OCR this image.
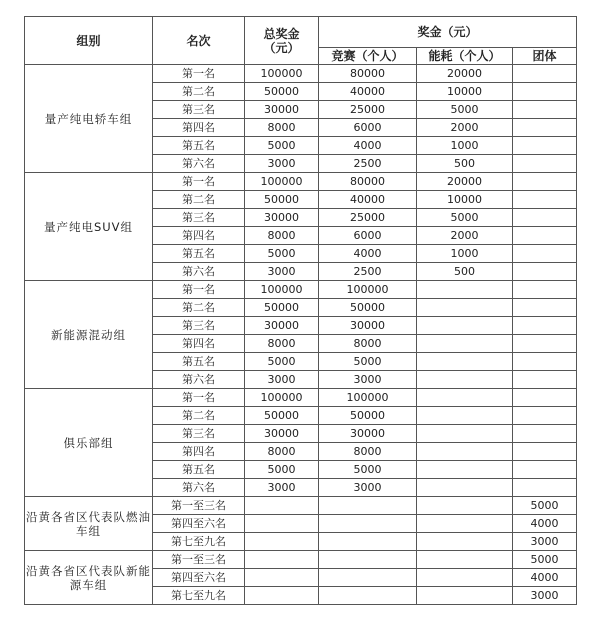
组别	名次	总奖金
（元）	奖金（元）		
			竞赛（个人）	能耗（个人）	团体
量产纯电轿车组	第一名	100000	80000	20000	
	第二名	50000	40000	10000	
	第三名	30000	25000	5000	
	第四名	8000	6000	2000	
	第五名	5000	4000	1000	
	第六名	3000	2500	500	
量产纯电SUV组	第一名	100000	80000	20000	
	第二名	50000	40000	10000	
	第三名	30000	25000	5000	
	第四名	8000	6000	2000	
	第五名	5000	4000	1000	
	第六名	3000	2500	500	
新能源混动组	第一名	100000	100000		
	第二名	50000	50000		
	第三名	30000	30000		
	第四名	8000	8000		
	第五名	5000	5000		
	第六名	3000	3000		
俱乐部组	第一名	100000	100000		
	第二名	50000	50000		
	第三名	30000	30000		
	第四名	8000	8000		
	第五名	5000	5000		
	第六名	3000	3000		
沿黄各省区代表队燃油车组	第一至三名				5000
	第四至六名				4000
	第七至九名				3000
沿黄各省区代表队新能源车组	第一至三名				5000
	第四至六名				4000
	第七至九名				3000
